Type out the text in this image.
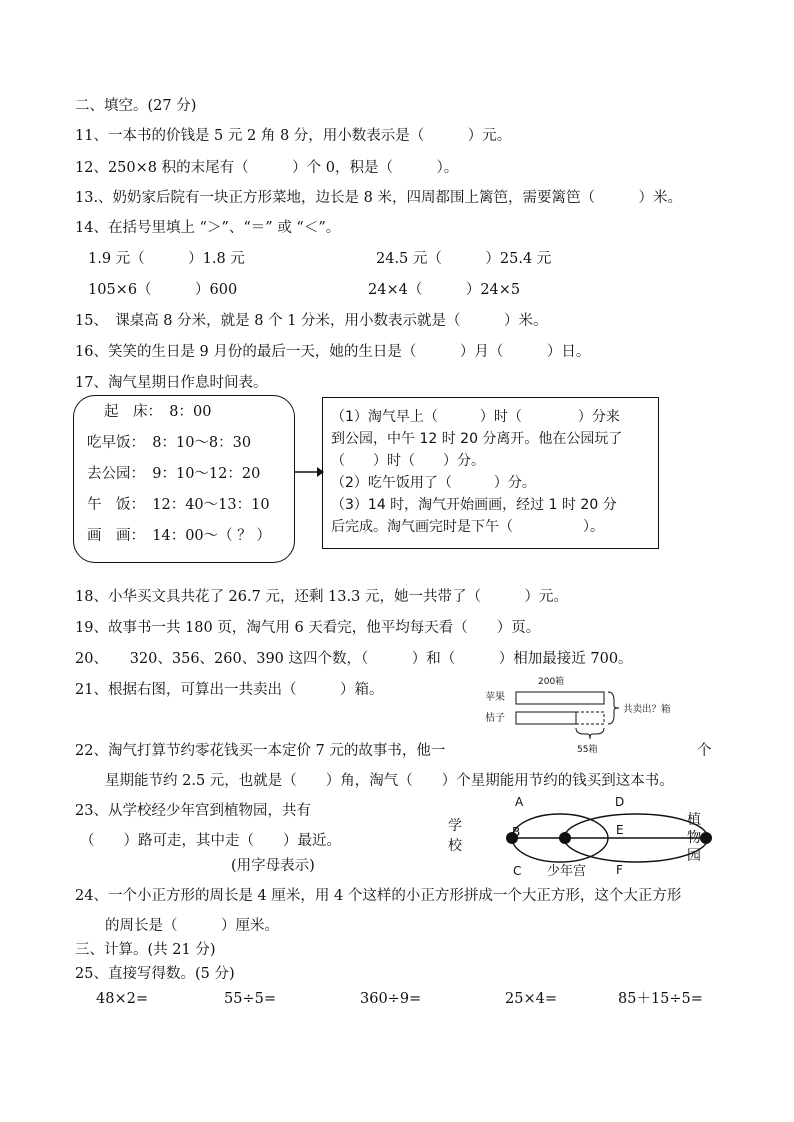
二、填空。(27 分)
11、一本书的价钱是 5 元 2 角 8 分，用小数表示是（　　　）元。
12、250×8 积的末尾有（　　　）个 0，积是（　　　）。
13.、奶奶家后院有一块正方形菜地，边长是 8 米，四周都围上篱笆，需要篱笆（　　　）米。
14、在括号里填上 “＞”、“＝” 或 “＜”。
1.9 元（　　　）1.8 元	24.5 元（　　　）25.4 元
105×6（　　　）600	24×4（　　　）24×5
15、　课桌高 8 分米，就是 8 个 1 分米，用小数表示就是（　　　）米。
16、笑笑的生日是 9 月份的最后一天，她的生日是（　　　）月（　　　）日。
17、淘气星期日作息时间表。
起　床：　8：00
吃早饭：　8：10～8：30
去公园：　9：10～12：20
午　饭：　12：40～13：10
画　画：　14：00～（ ？ ）
（1）淘气早上（　　　）时（　　　　）分来
到公园，中午 12 时 20 分离开。他在公园玩了
（　　）时（　　）分。
（2）吃午饭用了（　　　）分。
（3）14 时，淘气开始画画，经过 1 时 20 分
后完成。淘气画完时是下午（　　　　　）。
18、小华买文具共花了 26.7 元，还剩 13.3 元，她一共带了（　　　）元。
19、故事书一共 180 页，淘气用 6 天看完，他平均每天看（　　）页。
20、　　320、356、260、390 这四个数，（　　　）和（　　　）相加最接近 700。
21、根据右图，可算出一共卖出（　　　）箱。	200箱
苹果
桔子
共卖出？箱
55箱
22、淘气打算节约零花钱买一本定价 7 元的故事书，他一	个
星期能节约 2.5 元，也就是（　　）角，淘气（　　）个星期能用节约的钱买到这本书。
23、从学校经少年宫到植物园，共有
（　　）路可走，其中走（　　）最近。
(用字母表示)
学
校
植
物
园
少年宫
A
B
C
D
E
F
24、一个小正方形的周长是 4 厘米，用 4 个这样的小正方形拼成一个大正方形，这个大正方形
的周长是（　　　）厘米。
三、计算。(共 21 分)
25、直接写得数。(5 分)
48×2=	55÷5=	360÷9=	25×4=	85＋15÷5=
